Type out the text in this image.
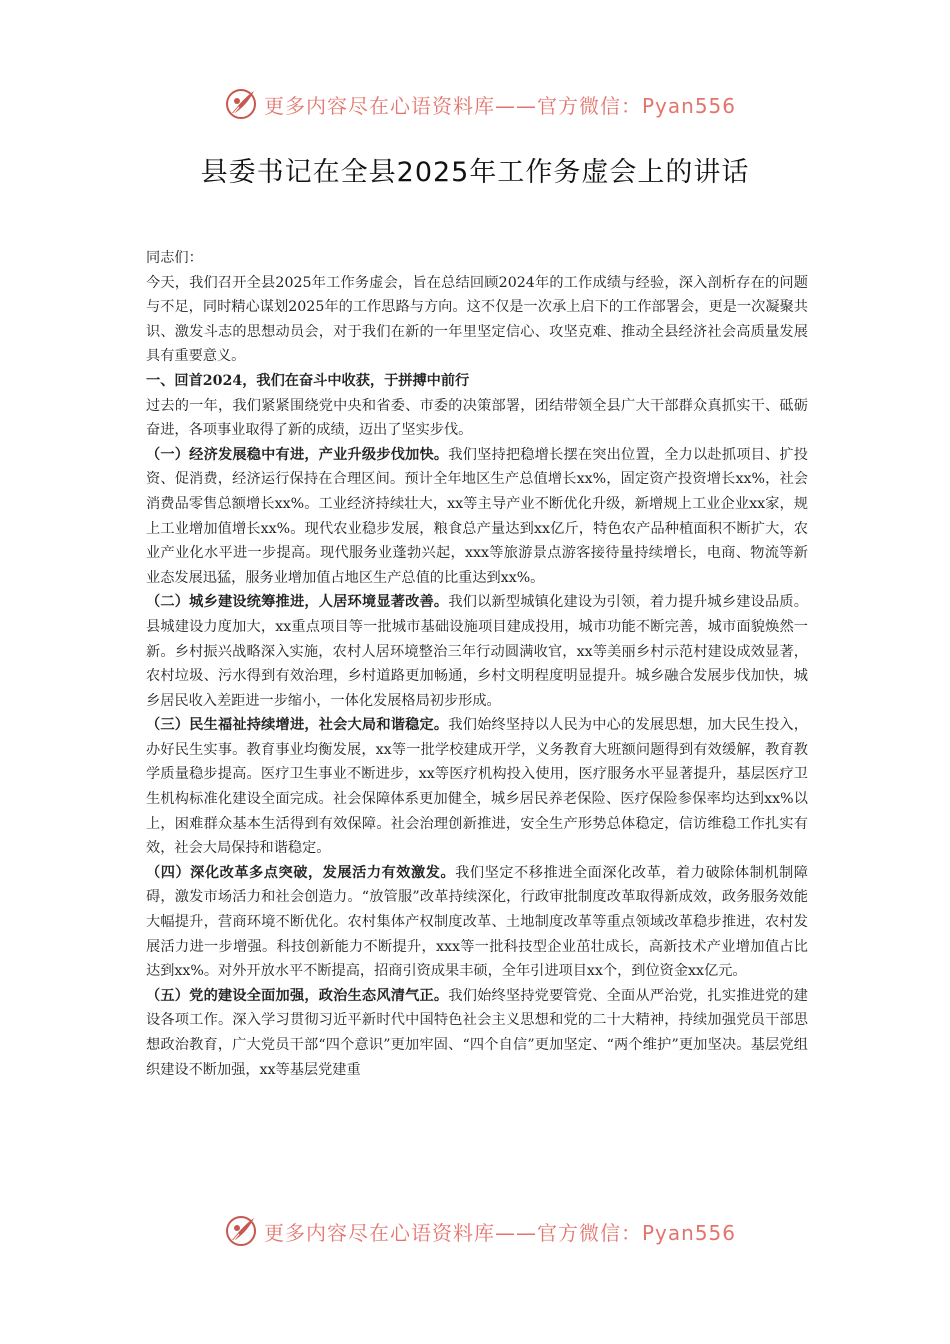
更多内容尽在心语资料库——官方微信：Pyan556
县委书记在全县2025年工作务虚会上的讲话

同志们：

今天，我们召开全县2025年工作务虚会，旨在总结回顾2024年的工作成绩与经验，深入剖析存在的问题与不足，同时精心谋划2025年的工作思路与方向。这不仅是一次承上启下的工作部署会，更是一次凝聚共识、激发斗志的思想动员会，对于我们在新的一年里坚定信心、攻坚克难、推动全县经济社会高质量发展具有重要意义。

一、回首2024，我们在奋斗中收获，于拼搏中前行

过去的一年，我们紧紧围绕党中央和省委、市委的决策部署，团结带领全县广大干部群众真抓实干、砥砺奋进，各项事业取得了新的成绩，迈出了坚实步伐。

（一）经济发展稳中有进，产业升级步伐加快。我们坚持把稳增长摆在突出位置，全力以赴抓项目、扩投资、促消费，经济运行保持在合理区间。预计全年地区生产总值增长xx%，固定资产投资增长xx%，社会消费品零售总额增长xx%。工业经济持续壮大，xx等主导产业不断优化升级，新增规上工业企业xx家，规上工业增加值增长xx%。现代农业稳步发展，粮食总产量达到xx亿斤，特色农产品种植面积不断扩大，农业产业化水平进一步提高。现代服务业蓬勃兴起，xxx等旅游景点游客接待量持续增长，电商、物流等新业态发展迅猛，服务业增加值占地区生产总值的比重达到xx%。

（二）城乡建设统筹推进，人居环境显著改善。我们以新型城镇化建设为引领，着力提升城乡建设品质。县城建设力度加大，xx重点项目等一批城市基础设施项目建成投用，城市功能不断完善，城市面貌焕然一新。乡村振兴战略深入实施，农村人居环境整治三年行动圆满收官，xx等美丽乡村示范村建设成效显著，农村垃圾、污水得到有效治理，乡村道路更加畅通，乡村文明程度明显提升。城乡融合发展步伐加快，城乡居民收入差距进一步缩小，一体化发展格局初步形成。

（三）民生福祉持续增进，社会大局和谐稳定。我们始终坚持以人民为中心的发展思想，加大民生投入，办好民生实事。教育事业均衡发展，xx等一批学校建成开学，义务教育大班额问题得到有效缓解，教育教学质量稳步提高。医疗卫生事业不断进步，xx等医疗机构投入使用，医疗服务水平显著提升，基层医疗卫生机构标准化建设全面完成。社会保障体系更加健全，城乡居民养老保险、医疗保险参保率均达到xx%以上，困难群众基本生活得到有效保障。社会治理创新推进，安全生产形势总体稳定，信访维稳工作扎实有效，社会大局保持和谐稳定。

（四）深化改革多点突破，发展活力有效激发。我们坚定不移推进全面深化改革，着力破除体制机制障碍，激发市场活力和社会创造力。“放管服”改革持续深化，行政审批制度改革取得新成效，政务服务效能大幅提升，营商环境不断优化。农村集体产权制度改革、土地制度改革等重点领域改革稳步推进，农村发展活力进一步增强。科技创新能力不断提升，xxx等一批科技型企业茁壮成长，高新技术产业增加值占比达到xx%。对外开放水平不断提高，招商引资成果丰硕，全年引进项目xx个，到位资金xx亿元。

（五）党的建设全面加强，政治生态风清气正。我们始终坚持党要管党、全面从严治党，扎实推进党的建设各项工作。深入学习贯彻习近平新时代中国特色社会主义思想和党的二十大精神，持续加强党员干部思想政治教育，广大党员干部“四个意识”更加牢固、“四个自信”更加坚定、“两个维护”更加坚决。基层党组织建设不断加强，xx等基层党建重

更多内容尽在心语资料库——官方微信：Pyan556
